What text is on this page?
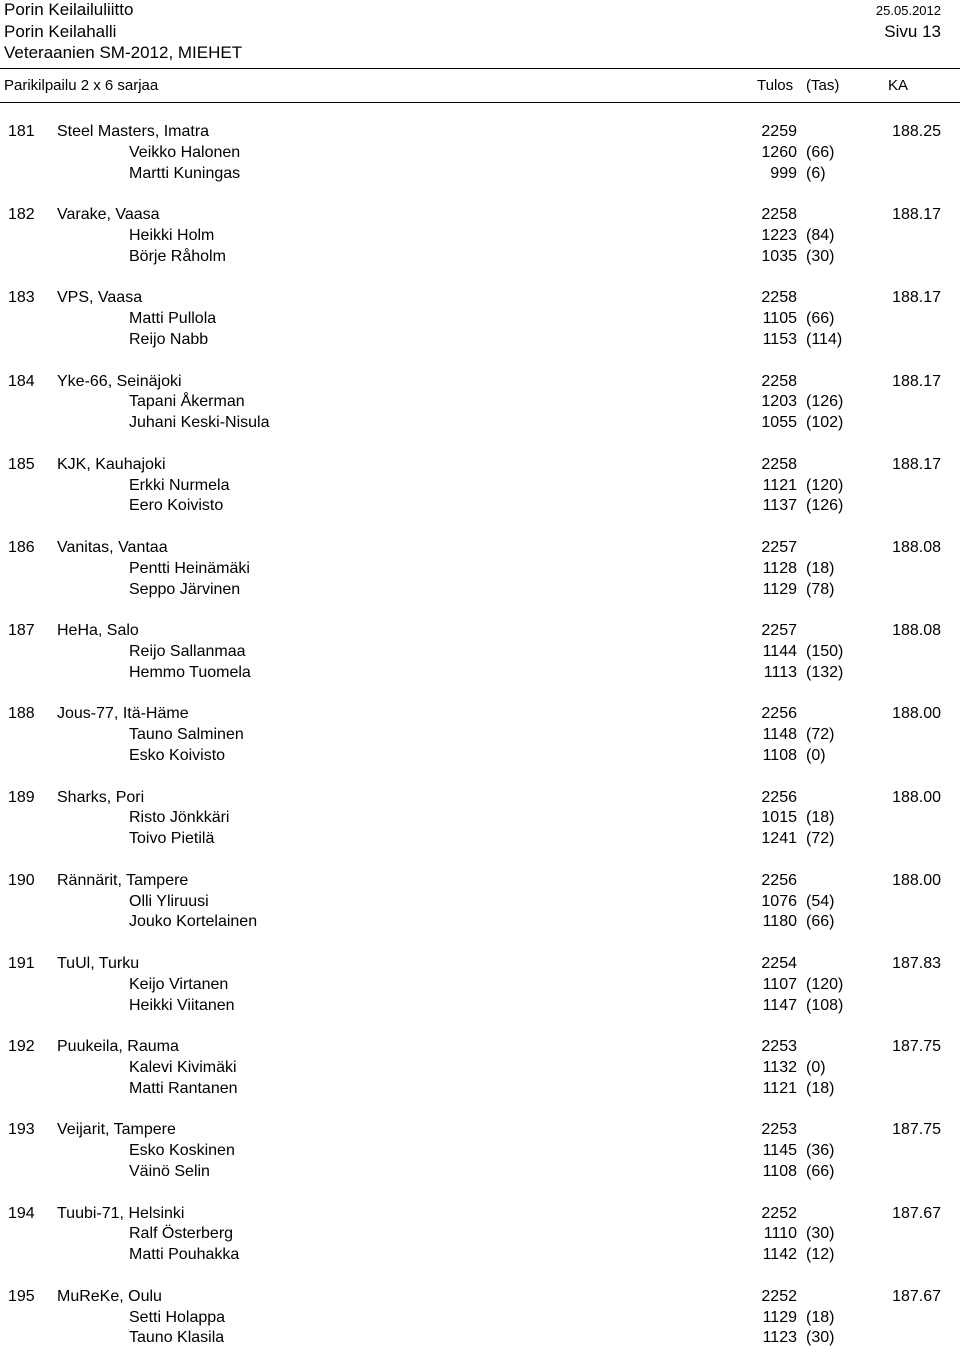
Porin Keilailuliitto	25.05.2012
Porin Keilahalli	Sivu 13
Veteraanien SM-2012, MIEHET
Parikilpailu 2 x 6 sarjaa	Tulos (Tas)	KA
181 Steel Masters, Imatra	2259	188.25
Veikko Halonen	1260 (66)
Martti Kuningas	999 (6)
182 Varake, Vaasa	2258	188.17
Heikki Holm	1223 (84)
Börje Råholm	1035 (30)
183 VPS, Vaasa	2258	188.17
Matti Pullola	1105 (66)
Reijo Nabb	1153 (114)
184 Yke-66, Seinäjoki	2258	188.17
Tapani Åkerman	1203 (126)
Juhani Keski-Nisula	1055 (102)
185 KJK, Kauhajoki	2258	188.17
Erkki Nurmela	1121 (120)
Eero Koivisto	1137 (126)
186 Vanitas, Vantaa	2257	188.08
Pentti Heinämäki	1128 (18)
Seppo Järvinen	1129 (78)
187 HeHa, Salo	2257	188.08
Reijo Sallanmaa	1144 (150)
Hemmo Tuomela	1113 (132)
188 Jous-77, Itä-Häme	2256	188.00
Tauno Salminen	1148 (72)
Esko Koivisto	1108 (0)
189 Sharks, Pori	2256	188.00
Risto Jönkkäri	1015 (18)
Toivo Pietilä	1241 (72)
190 Rännärit, Tampere	2256	188.00
Olli Yliruusi	1076 (54)
Jouko Kortelainen	1180 (66)
191 TuUl, Turku	2254	187.83
Keijo Virtanen	1107 (120)
Heikki Viitanen	1147 (108)
192 Puukeila, Rauma	2253	187.75
Kalevi Kivimäki	1132 (0)
Matti Rantanen	1121 (18)
193 Veijarit, Tampere	2253	187.75
Esko Koskinen	1145 (36)
Väinö Selin	1108 (66)
194 Tuubi-71, Helsinki	2252	187.67
Ralf Österberg	1110 (30)
Matti Pouhakka	1142 (12)
195 MuReKe, Oulu	2252	187.67
Setti Holappa	1129 (18)
Tauno Klasila	1123 (30)
